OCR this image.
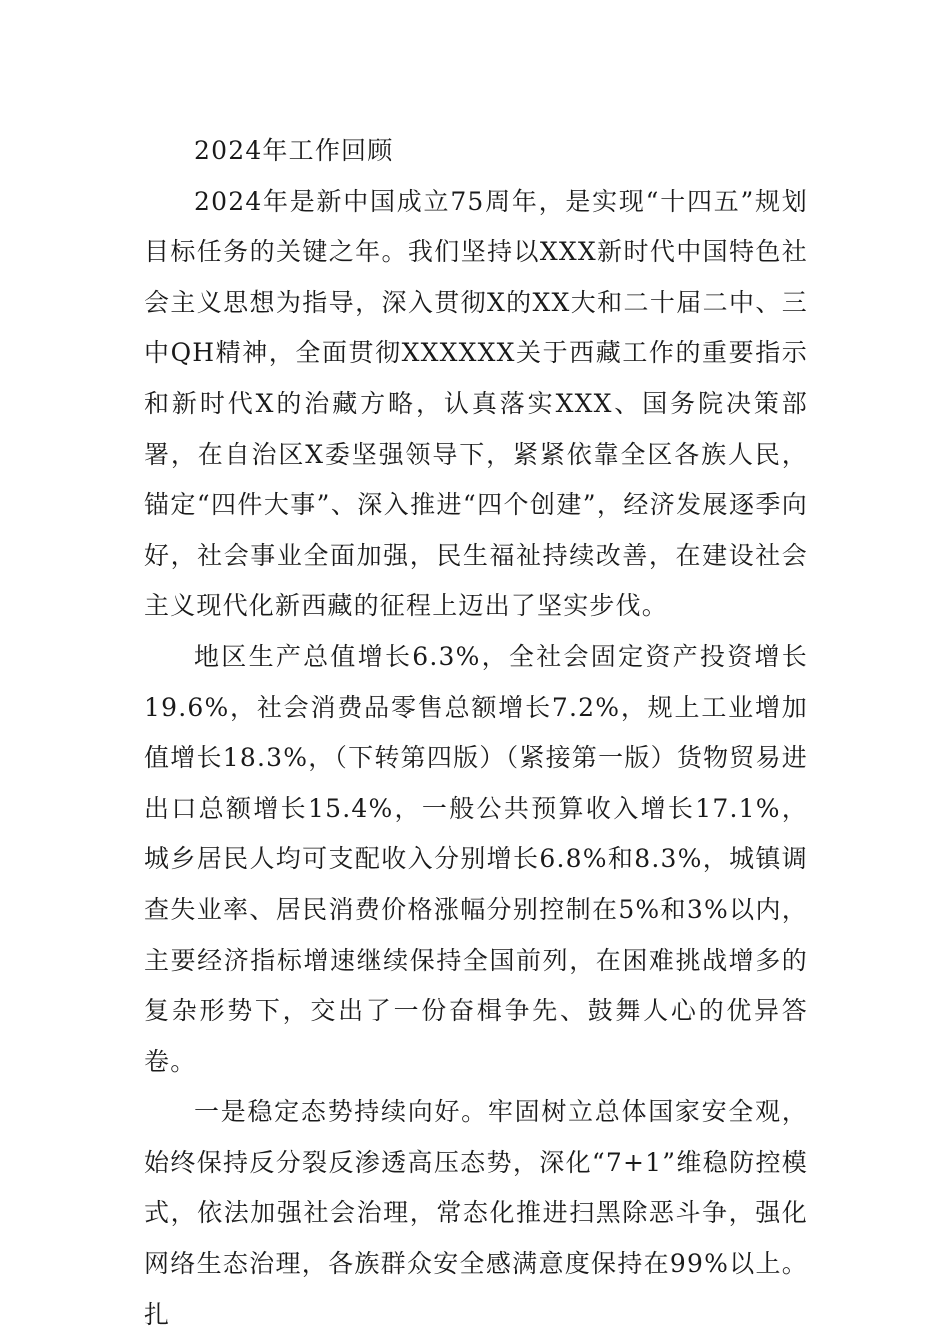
2024年工作回顾

2024年是新中国成立75周年，是实现“十四五”规划目标任务的关键之年。我们坚持以XXX新时代中国特色社会主义思想为指导，深入贯彻X的XX大和二十届二中、三中QH精神，全面贯彻XXXXXX关于西藏工作的重要指示和新时代X的治藏方略，认真落实XXX、国务院决策部署，在自治区X委坚强领导下，紧紧依靠全区各族人民，锚定“四件大事”、深入推进“四个创建”，经济发展逐季向好，社会事业全面加强，民生福祉持续改善，在建设社会主义现代化新西藏的征程上迈出了坚实步伐。

地区生产总值增长6.3%，全社会固定资产投资增长19.6%，社会消费品零售总额增长7.2%，规上工业增加值增长18.3%，（下转第四版）（紧接第一版）货物贸易进出口总额增长15.4%，一般公共预算收入增长17.1%，城乡居民人均可支配收入分别增长6.8%和8.3%，城镇调查失业率、居民消费价格涨幅分别控制在5%和3%以内，主要经济指标增速继续保持全国前列，在困难挑战增多的复杂形势下，交出了一份奋楫争先、鼓舞人心的优异答卷。

一是稳定态势持续向好。牢固树立总体国家安全观，始终保持反分裂反渗透高压态势，深化“7+1”维稳防控模式，依法加强社会治理，常态化推进扫黑除恶斗争，强化网络生态治理，各族群众安全感满意度保持在99%以上。扎
